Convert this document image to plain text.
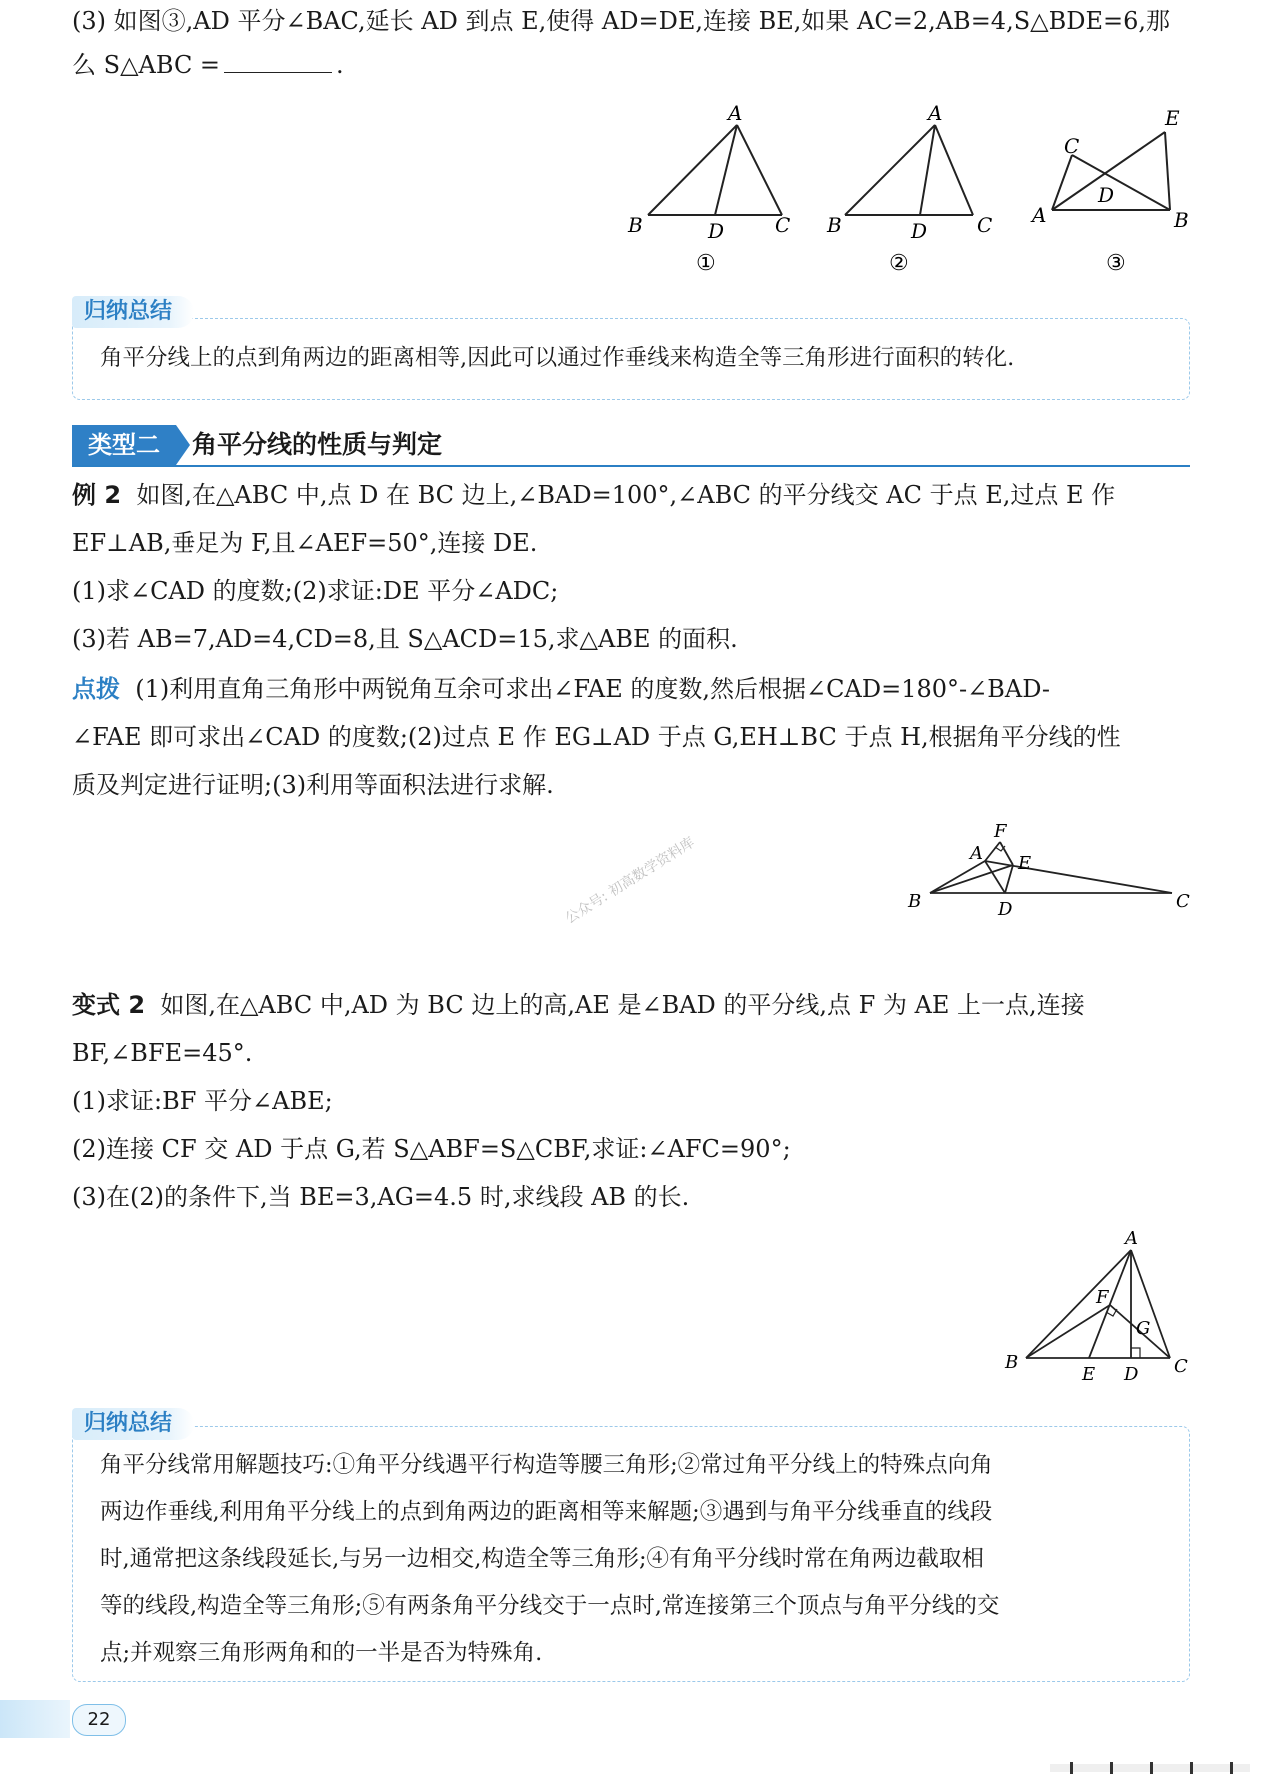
(3) 如图③,AD 平分∠BAC,延长 AD 到点 E,使得 AD=DE,连接 BE,如果 AC=2,AB=4,S△BDE=6,那
么 S△ABC =	.
A
B	D	C
①
A
B	D C
②
E
C
D
A	B
③
归纳总结
角平分线上的点到角两边的距离相等,因此可以通过作垂线来构造全等三角形进行面积的转化.
类型二	角平分线的性质与判定
例 2 如图,在△ABC 中,点 D 在 BC 边上,∠BAD=100°,∠ABC 的平分线交 AC 于点 E,过点 E 作
EF⊥AB,垂足为 F,且∠AEF=50°,连接 DE.
(1)求∠CAD 的度数;(2)求证:DE 平分∠ADC;
(3)若 AB=7,AD=4,CD=8,且 S△ACD=15,求△ABE 的面积.
点拨 (1)利用直角三角形中两锐角互余可求出∠FAE 的度数,然后根据∠CAD=180°-∠BAD-
∠FAE 即可求出∠CAD 的度数;(2)过点 E 作 EG⊥AD 于点 G,EH⊥BC 于点 H,根据角平分线的性
质及判定进行证明;(3)利用等面积法进行求解.
F
A E
B	D	C
公众号: 初高数学资料库
变式 2 如图,在△ABC 中,AD 为 BC 边上的高,AE 是∠BAD 的平分线,点 F 为 AE 上一点,连接
BF,∠BFE=45°.
(1)求证:BF 平分∠ABE;
(2)连接 CF 交 AD 于点 G,若 S△ABF=S△CBF,求证:∠AFC=90°;
(3)在(2)的条件下,当 BE=3,AG=4.5 时,求线段 AB 的长.
A
F
G
B
E D C
归纳总结
角平分线常用解题技巧:①角平分线遇平行构造等腰三角形;②常过角平分线上的特殊点向角
两边作垂线,利用角平分线上的点到角两边的距离相等来解题;③遇到与角平分线垂直的线段
时,通常把这条线段延长,与另一边相交,构造全等三角形;④有角平分线时常在角两边截取相
等的线段,构造全等三角形;⑤有两条角平分线交于一点时,常连接第三个顶点与角平分线的交
点;并观察三角形两角和的一半是否为特殊角.
22
